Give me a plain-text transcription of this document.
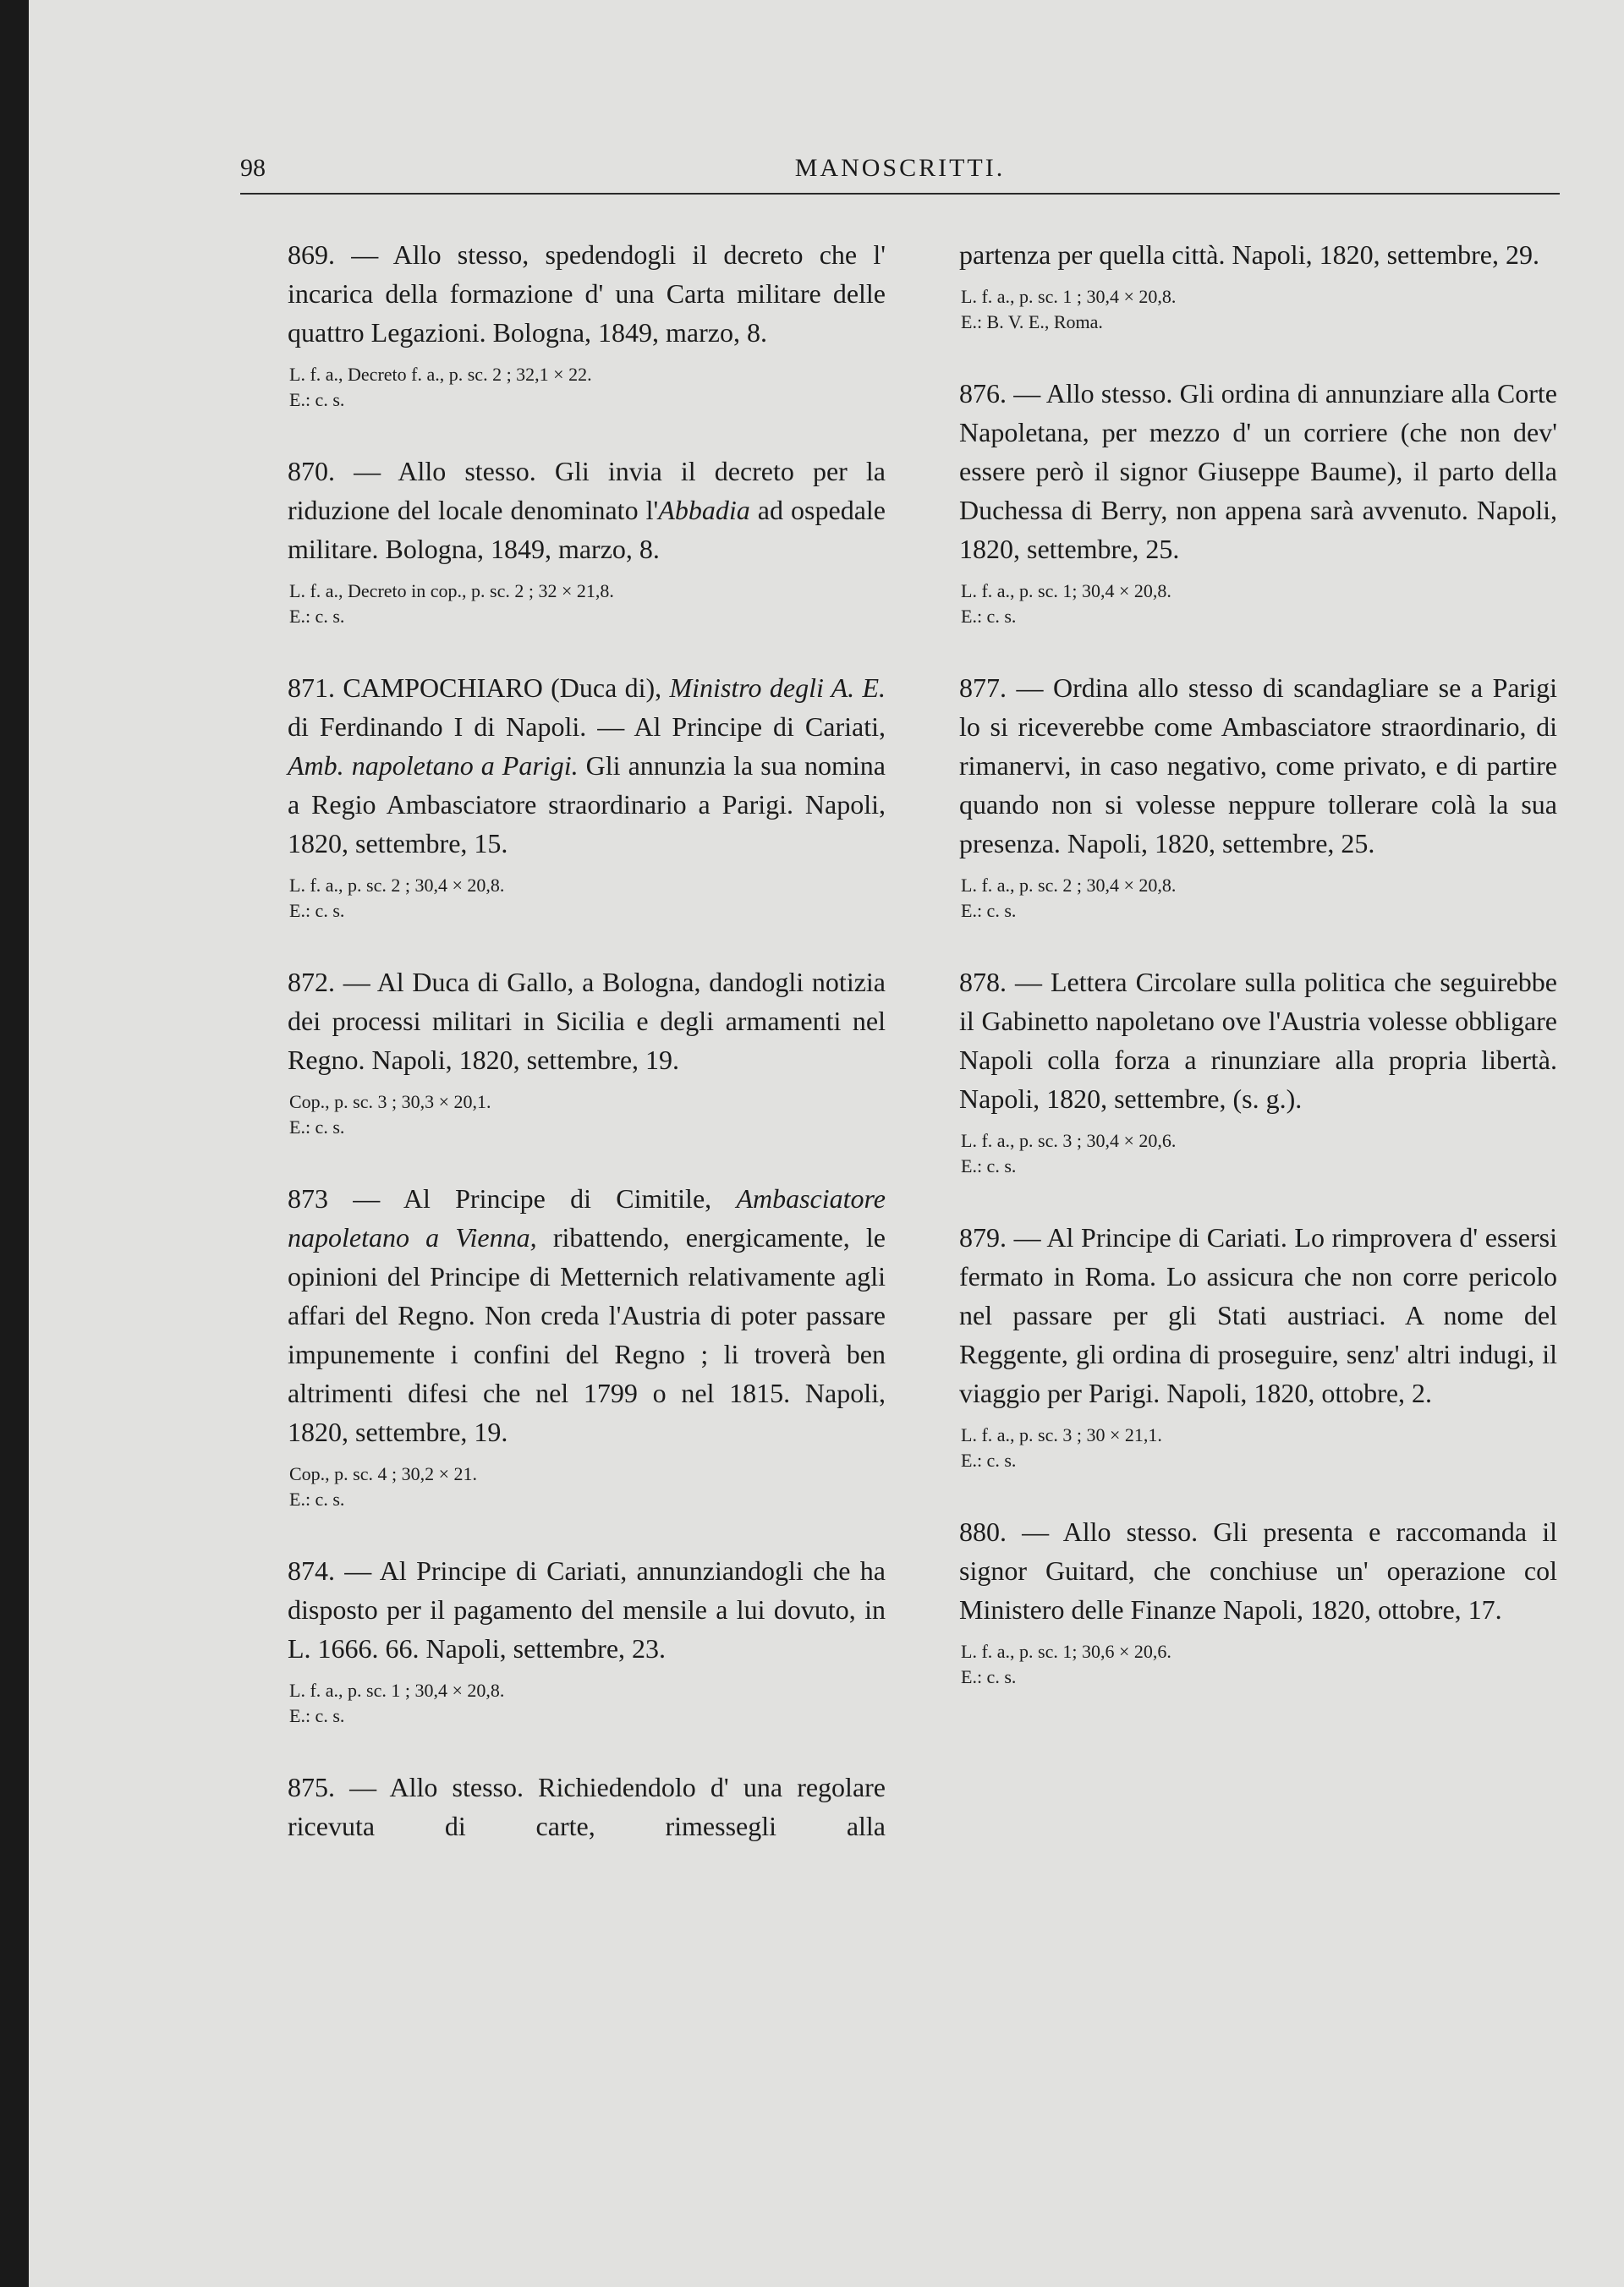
98	MANOSCRITTI.

869. — Allo stesso, spedendogli il decreto che l' incarica della formazione d' una Carta militare delle quattro Legazioni. Bologna, 1849, marzo, 8.

L. f. a., Decreto f. a., p. sc. 2 ; 32,1 × 22.
E.: c. s.

870. — Allo stesso. Gli invia il decreto per la riduzione del locale denominato l'Abbadia ad ospedale militare. Bologna, 1849, marzo, 8.

L. f. a., Decreto in cop., p. sc. 2 ; 32 × 21,8.
E.: c. s.

871. CAMPOCHIARO (Duca di), Ministro degli A. E. di Ferdinando I di Napoli. — Al Principe di Cariati, Amb. napoletano a Parigi. Gli annunzia la sua nomina a Regio Ambasciatore straordinario a Parigi. Napoli, 1820, settembre, 15.

L. f. a., p. sc. 2 ; 30,4 × 20,8.
E.: c. s.

872. — Al Duca di Gallo, a Bologna, dandogli notizia dei processi militari in Sicilia e degli armamenti nel Regno. Napoli, 1820, settembre, 19.

Cop., p. sc. 3 ; 30,3 × 20,1.
E.: c. s.

873 — Al Principe di Cimitile, Ambasciatore napoletano a Vienna, ribattendo, energicamente, le opinioni del Principe di Metternich relativamente agli affari del Regno. Non creda l'Austria di poter passare impunemente i confini del Regno ; li troverà ben altrimenti difesi che nel 1799 o nel 1815. Napoli, 1820, settembre, 19.

Cop., p. sc. 4 ; 30,2 × 21.
E.: c. s.

874. — Al Principe di Cariati, annunziandogli che ha disposto per il pagamento del mensile a lui dovuto, in L. 1666. 66. Napoli, settembre, 23.

L. f. a., p. sc. 1 ; 30,4 × 20,8.
E.: c. s.

875. — Allo stesso. Richiedendolo d' una regolare ricevuta di carte, rimessegli alla

partenza per quella città. Napoli, 1820, settembre, 29.

L. f. a., p. sc. 1 ; 30,4 × 20,8.
E.: B. V. E., Roma.

876. — Allo stesso. Gli ordina di annunziare alla Corte Napoletana, per mezzo d' un corriere (che non dev' essere però il signor Giuseppe Baume), il parto della Duchessa di Berry, non appena sarà avvenuto. Napoli, 1820, settembre, 25.

L. f. a., p. sc. 1; 30,4 × 20,8.
E.: c. s.

877. — Ordina allo stesso di scandagliare se a Parigi lo si riceverebbe come Ambasciatore straordinario, di rimanervi, in caso negativo, come privato, e di partire quando non si volesse neppure tollerare colà la sua presenza. Napoli, 1820, settembre, 25.

L. f. a., p. sc. 2 ; 30,4 × 20,8.
E.: c. s.

878. — Lettera Circolare sulla politica che seguirebbe il Gabinetto napoletano ove l'Austria volesse obbligare Napoli colla forza a rinunziare alla propria libertà. Napoli, 1820, settembre, (s. g.).

L. f. a., p. sc. 3 ; 30,4 × 20,6.
E.: c. s.

879. — Al Principe di Cariati. Lo rimprovera d' essersi fermato in Roma. Lo assicura che non corre pericolo nel passare per gli Stati austriaci. A nome del Reggente, gli ordina di proseguire, senz' altri indugi, il viaggio per Parigi. Napoli, 1820, ottobre, 2.

L. f. a., p. sc. 3 ; 30 × 21,1.
E.: c. s.

880. — Allo stesso. Gli presenta e raccomanda il signor Guitard, che conchiuse un' operazione col Ministero delle Finanze Napoli, 1820, ottobre, 17.

L. f. a., p. sc. 1; 30,6 × 20,6.
E.: c. s.
